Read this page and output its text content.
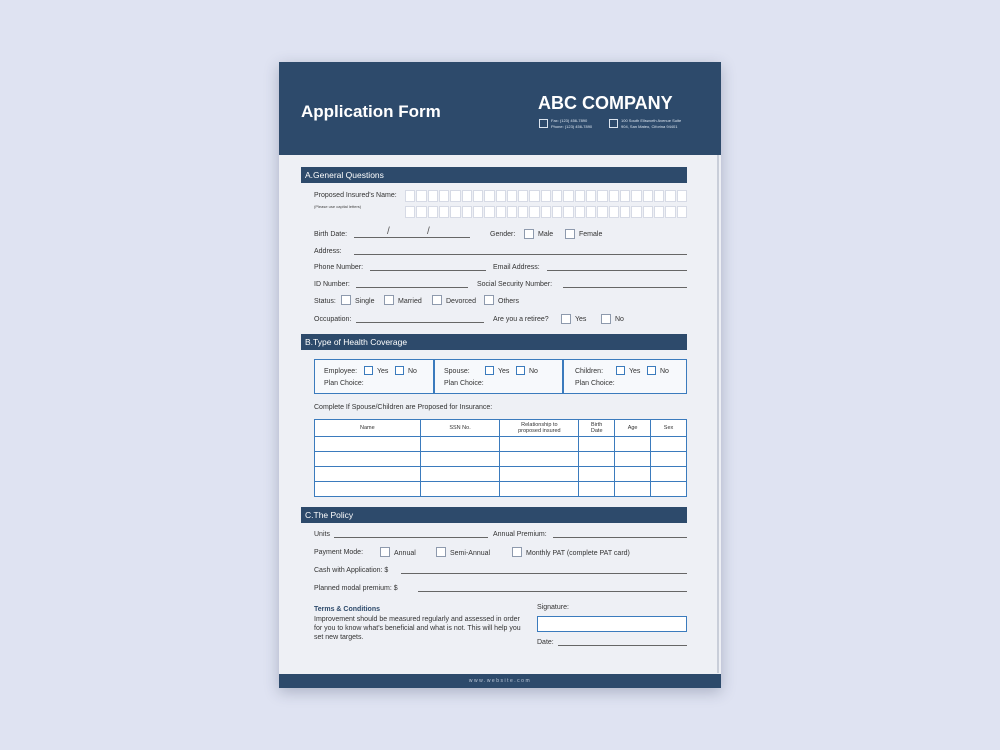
Application Form	ABC COMPANY
Fax: (123) 456-7890
Phone: (123) 456-7890
100 South Ellsworth Avenue Suite
904, San Mateo, Ciforina 94401
A.General Questions
Proposed Insured's Name:
(Please use capital letters)
Birth Date:	/	/	Gender:	Male	Female
Address:
Phone Number:	Email Address:
ID Number:	Social Security Number:
Status:	Single	Married	Devorced	Others
Occupation:	Are you a retiree?	Yes	No
B.Type of Health Coverage
Employee:	Yes	No
Plan Choice:
Spouse:	Yes	No
Plan Choice:
Children:	Yes	No
Plan Choice:
Complete If Spouse/Children are Proposed for Insurance:
Name	SSN No.	Relationship to
proposed insured	Birth
Date	Age	Sex

C.The Policy
Units	Annual Premium:
Payment Mode:	Annual	Semi-Annual	Monthly PAT (complete PAT card)
Cash with Application: $
Planned modal premium: $
Terms & Conditions
Improvement should be measured regularly and assessed in order for you to know what's beneficial and what is not. This will help you set new targets.
Signature:
Date:
www.website.com
